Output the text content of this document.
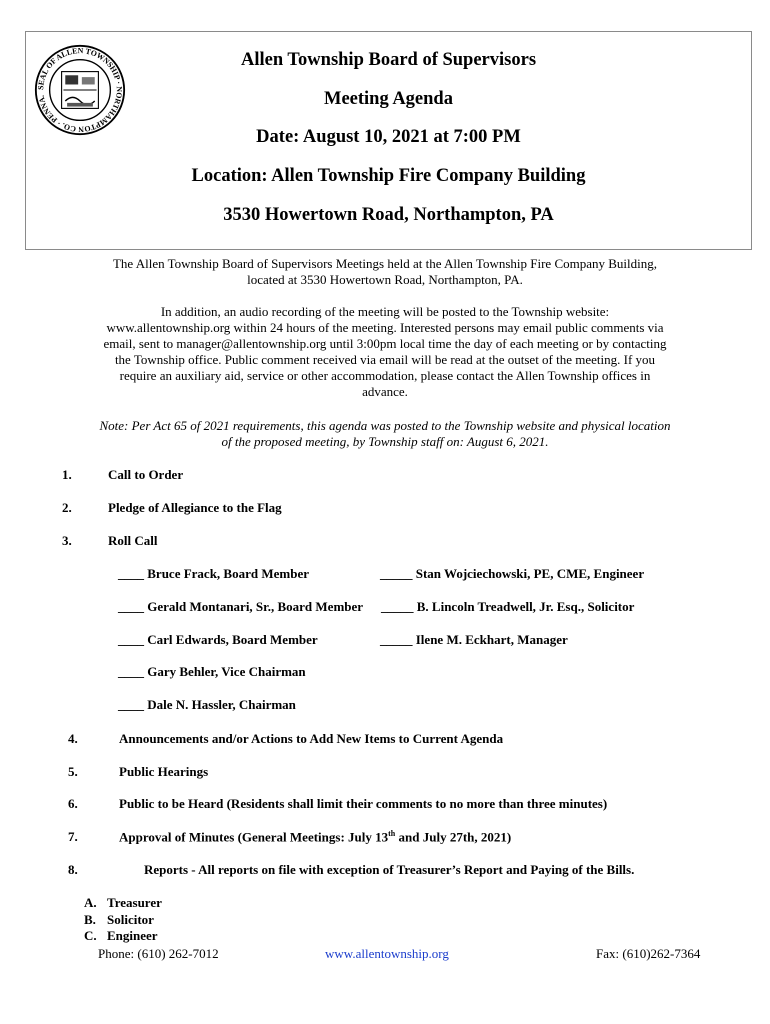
SEAL OF ALLEN TOWNSHIP · NORTHAMPTON CO. · PENNA.
Allen Township Board of Supervisors
Meeting Agenda
Date: August 10, 2021 at 7:00 PM
Location: Allen Township Fire Company Building
3530 Howertown Road, Northampton, PA
The Allen Township Board of Supervisors Meetings held at the Allen Township Fire Company Building,
located at 3530 Howertown Road, Northampton, PA.
In addition, an audio recording of the meeting will be posted to the Township website:
www.allentownship.org within 24 hours of the meeting. Interested persons may email public comments via
email, sent to manager@allentownship.org until 3:00pm local time the day of each meeting or by contacting
the Township office. Public comment received via email will be read at the outset of the meeting. If you
require an auxiliary aid, service or other accommodation, please contact the Allen Township offices in
advance.
Note: Per Act 65 of 2021 requirements, this agenda was posted to the Township website and physical location
of the proposed meeting, by Township staff on: August 6, 2021.
1.	Call to Order
2.	Pledge of Allegiance to the Flag
3.	Roll Call
____ Bruce Frack, Board Member	_____ Stan Wojciechowski, PE, CME, Engineer
____ Gerald Montanari, Sr., Board Member _____ B. Lincoln Treadwell, Jr. Esq., Solicitor
____ Carl Edwards, Board Member	_____ Ilene M. Eckhart, Manager
____ Gary Behler, Vice Chairman
____ Dale N. Hassler, Chairman
4.	Announcements and/or Actions to Add New Items to Current Agenda
5.	Public Hearings
6.	Public to be Heard (Residents shall limit their comments to no more than three minutes)
7.	Approval of Minutes (General Meetings: July 13th and July 27th, 2021)
8.	Reports - All reports on file with exception of Treasurer’s Report and Paying of the Bills.
A. Treasurer
B. Solicitor
C. Engineer
Phone: (610) 262-7012	www.allentownship.org	Fax: (610)262-7364
